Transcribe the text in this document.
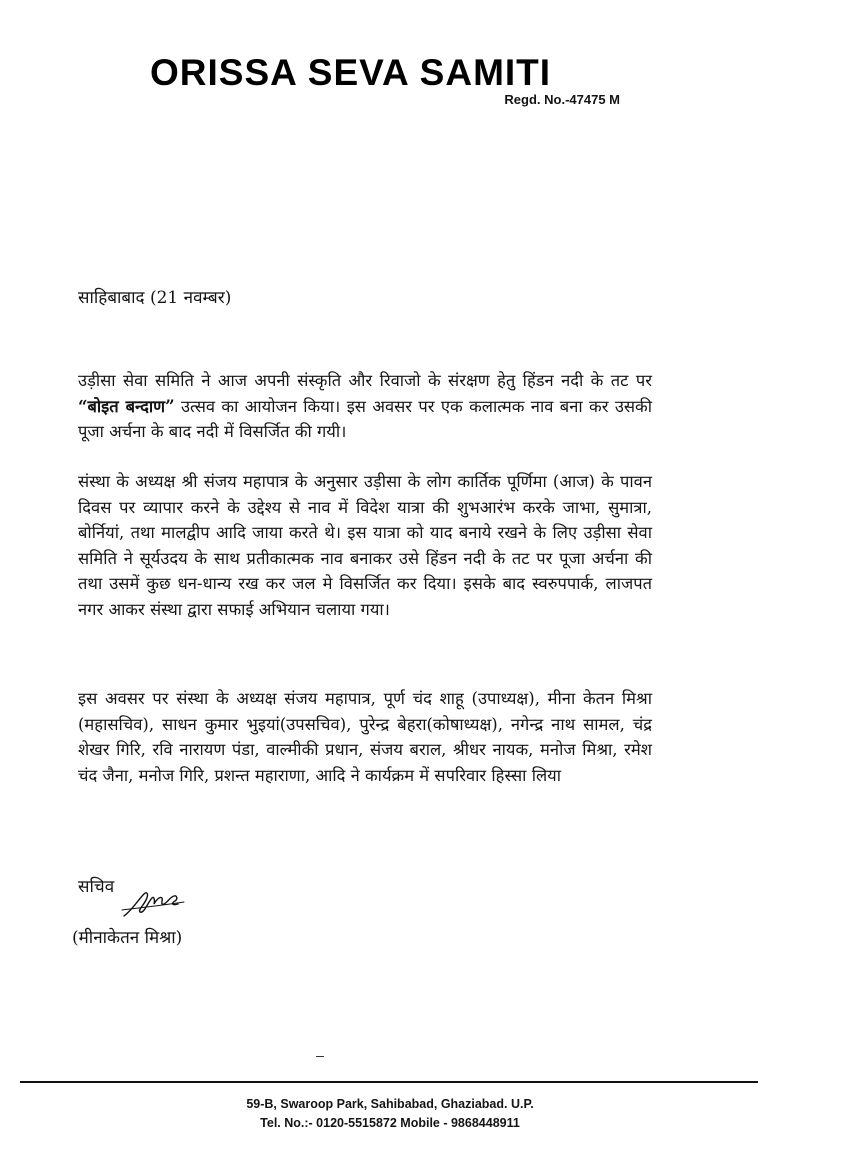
ORISSA SEVA SAMITI
Regd. No.-47475 M
साहिबाबाद (21 नवम्बर)

उड़ीसा सेवा समिति ने आज अपनी संस्कृति और रिवाजो के संरक्षण हेतु हिंडन नदी के तट पर “बोइत बन्दाण” उत्सव का आयोजन किया। इस अवसर पर एक कलात्मक नाव बना कर उसकी पूजा अर्चना के बाद नदी में विसर्जित की गयी।

संस्था के अध्यक्ष श्री संजय महापात्र के अनुसार उड़ीसा के लोग कार्तिक पूर्णिमा (आज) के पावन दिवस पर व्यापार करने के उद्देश्य से नाव में विदेश यात्रा की शुभआरंभ करके जाभा, सुमात्रा, बोर्नियां, तथा मालद्वीप आदि जाया करते थे। इस यात्रा को याद बनाये रखने के लिए उड़ीसा सेवा समिति ने सूर्यउदय के साथ प्रतीकात्मक नाव बनाकर उसे हिंडन नदी के तट पर पूजा अर्चना की तथा उसमें कुछ धन-धान्य रख कर जल मे विसर्जित कर दिया। इसके बाद स्वरुपपार्क, लाजपत नगर आकर संस्था द्वारा सफाई अभियान चलाया गया।

इस अवसर पर संस्था के अध्यक्ष संजय महापात्र, पूर्ण चंद शाहू (उपाध्यक्ष), मीना केतन मिश्रा (महासचिव), साधन कुमार भुइयां(उपसचिव), पुरेन्द्र बेहरा(कोषाध्यक्ष), नगेन्द्र नाथ सामल, चंद्र शेखर गिरि, रवि नारायण पंडा, वाल्मीकी प्रधान, संजय बराल, श्रीधर नायक, मनोज मिश्रा, रमेश चंद जैना, मनोज गिरि, प्रशन्त महाराणा, आदि ने कार्यक्रम में सपरिवार हिस्सा लिया

सचिव
(मीनाकेतन मिश्रा)
59-B, Swaroop Park, Sahibabad, Ghaziabad. U.P.
Tel. No.:- 0120-5515872 Mobile - 9868448911
